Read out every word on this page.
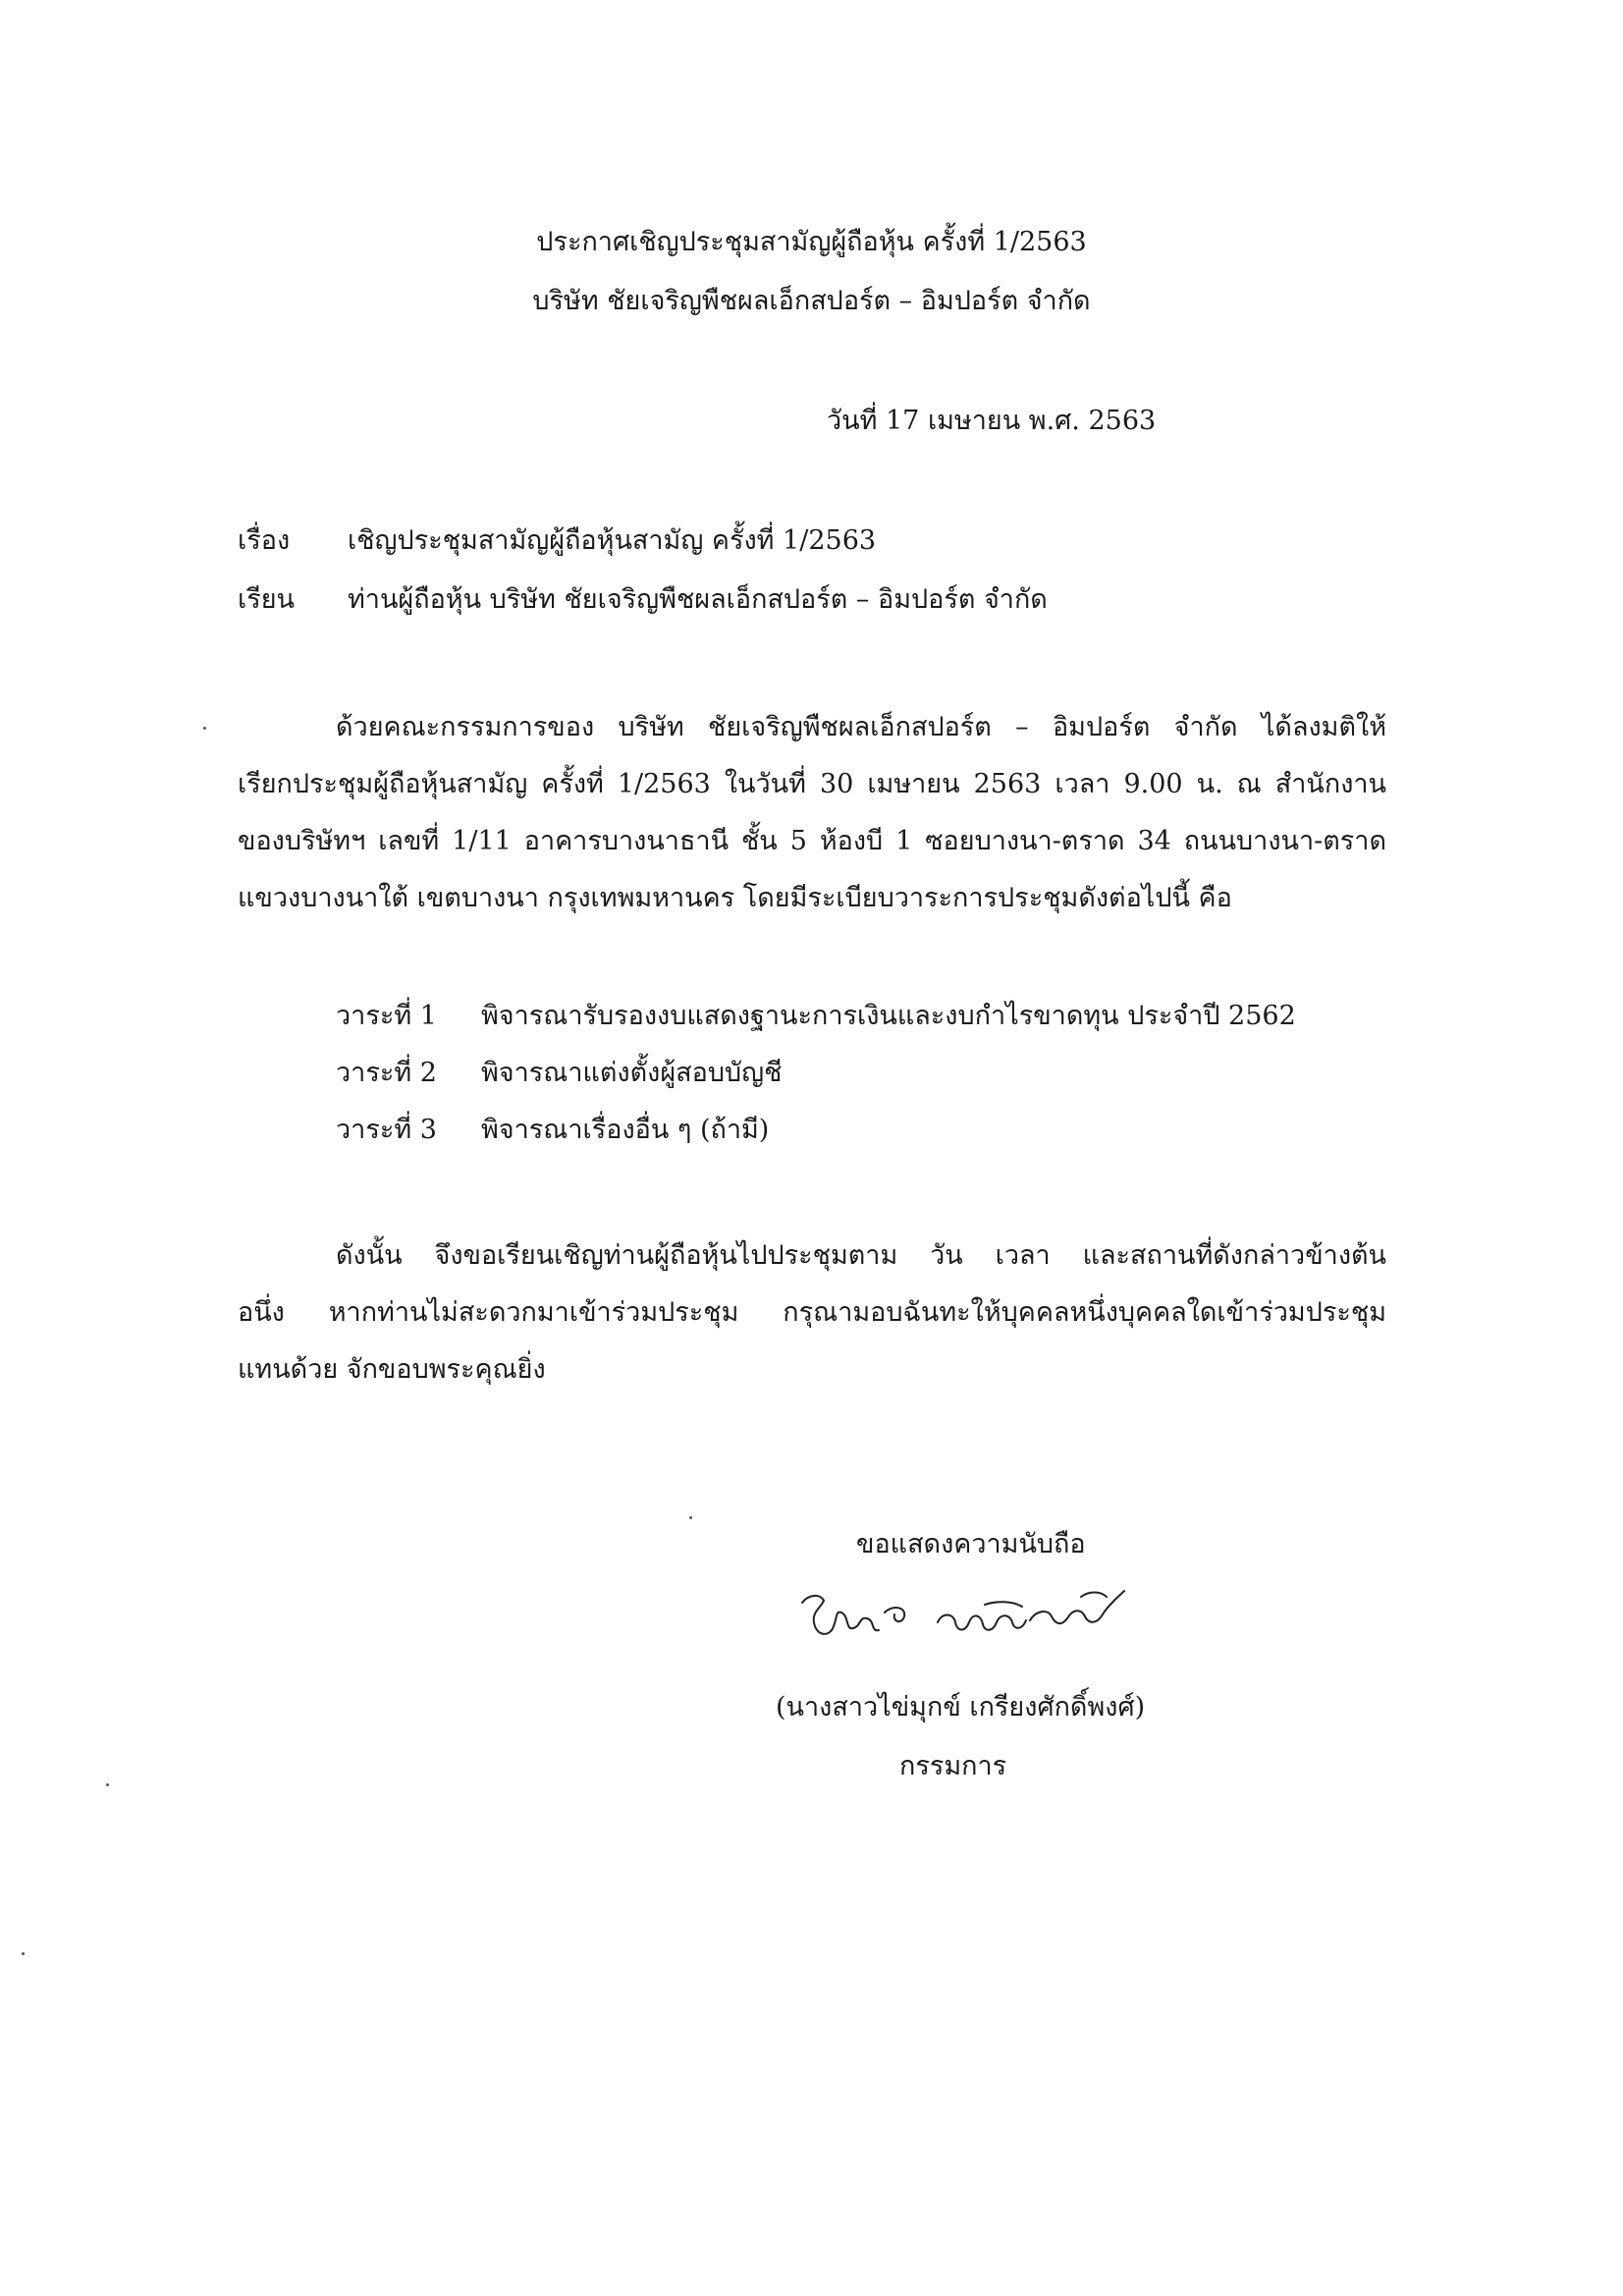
ประกาศเชิญประชุมสามัญผู้ถือหุ้น ครั้งที่ 1/2563
บริษัท ชัยเจริญพืชผลเอ็กสปอร์ต – อิมปอร์ต จำกัด
วันที่ 17 เมษายน พ.ศ. 2563
เรื่อง เชิญประชุมสามัญผู้ถือหุ้นสามัญ ครั้งที่ 1/2563
เรียน ท่านผู้ถือหุ้น บริษัท ชัยเจริญพืชผลเอ็กสปอร์ต – อิมปอร์ต จำกัด
ด้วยคณะกรรมการของ บริษัท ชัยเจริญพืชผลเอ็กสปอร์ต – อิมปอร์ต จำกัด ได้ลงมติให้
เรียกประชุมผู้ถือหุ้นสามัญ ครั้งที่ 1/2563 ในวันที่ 30 เมษายน 2563 เวลา 9.00 น. ณ สำนักงาน
ของบริษัทฯ เลขที่ 1/11 อาคารบางนาธานี ชั้น 5 ห้องบี 1 ซอยบางนา-ตราด 34 ถนนบางนา-ตราด
แขวงบางนาใต้ เขตบางนา กรุงเทพมหานคร โดยมีระเบียบวาระการประชุมดังต่อไปนี้ คือ
วาระที่ 1 พิจารณารับรองงบแสดงฐานะการเงินและงบกำไรขาดทุน ประจำปี 2562
วาระที่ 2 พิจารณาแต่งตั้งผู้สอบบัญชี
วาระที่ 3 พิจารณาเรื่องอื่น ๆ (ถ้ามี)
ดังนั้น จึงขอเรียนเชิญท่านผู้ถือหุ้นไปประชุมตาม วัน เวลา และสถานที่ดังกล่าวข้างต้น
อนึ่ง หากท่านไม่สะดวกมาเข้าร่วมประชุม กรุณามอบฉันทะให้บุคคลหนึ่งบุคคลใดเข้าร่วมประชุม
แทนด้วย จักขอบพระคุณยิ่ง
ขอแสดงความนับถือ
(นางสาวไข่มุกข์ เกรียงศักดิ์พงศ์)
กรรมการ
